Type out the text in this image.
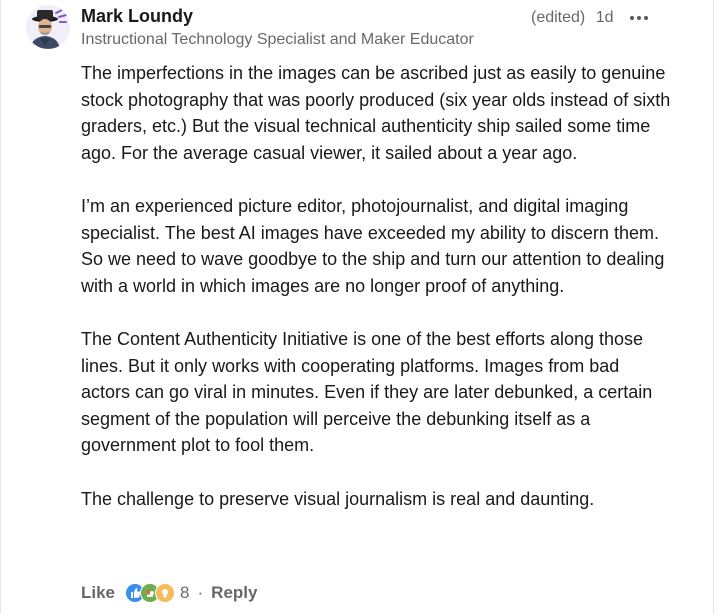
Mark Loundy
Instructional Technology Specialist and Maker Educator
(edited) 1d

The imperfections in the images can be ascribed just as easily to genuine stock photography that was poorly produced (six year olds instead of sixth graders, etc.) But the visual technical authenticity ship sailed some time ago. For the average casual viewer, it sailed about a year ago.

I’m an experienced picture editor, photojournalist, and digital imaging specialist. The best AI images have exceeded my ability to discern them. So we need to wave goodbye to the ship and turn our attention to dealing with a world in which images are no longer proof of anything.

The Content Authenticity Initiative is one of the best efforts along those lines. But it only works with cooperating platforms. Images from bad actors can go viral in minutes. Even if they are later debunked, a certain segment of the population will perceive the debunking itself as a government plot to fool them.

The challenge to preserve visual journalism is real and daunting.

Like	8 · Reply
